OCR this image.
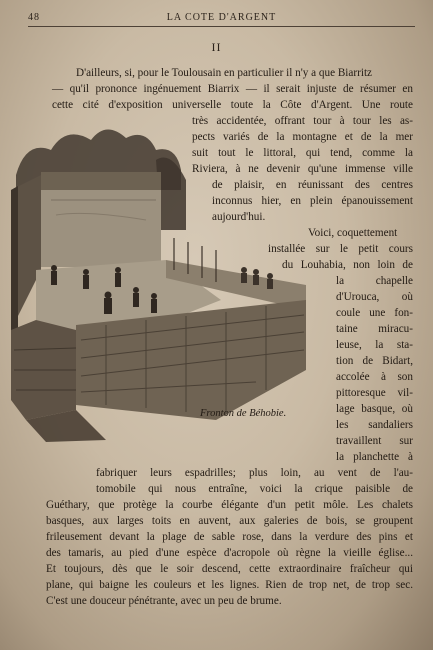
48	LA COTE D'ARGENT
II
Fronton de Béhobie.
D'ailleurs, si, pour le Toulousain en particulier il n'y a que Biarritz
— qu'il prononce ingénuement Biarrix — il serait injuste de résumer en
cette cité d'exposition universelle toute la Côte d'Argent. Une route
très accidentée, offrant tour à tour les as-
pects variés de la montagne et de la mer
suit tout le littoral, qui tend, comme la
Riviera, à ne devenir qu'une immense ville
de plaisir, en réunissant des centres
inconnus hier, en plein épanouissement
aujourd'hui.
Voici, coquettement
installée sur le petit cours
du Louhabia, non loin de
la chapelle
d'Urouca, où
coule une fon-
taine miracu-
leuse, la sta-
tion de Bidart,
accolée à son
pittoresque vil-
lage basque, où
les sandaliers
travaillent sur
la planchette à
fabriquer leurs espadrilles; plus loin, au vent de l'au-
tomobile qui nous entraîne, voici la crique paisible de
Guéthary, que protège la courbe élégante d'un petit môle. Les chalets
basques, aux larges toits en auvent, aux galeries de bois, se groupent
frileusement devant la plage de sable rose, dans la verdure des pins et
des tamaris, au pied d'une espèce d'acropole où règne la vieille église...
Et toujours, dès que le soir descend, cette extraordinaire fraîcheur qui
plane, qui baigne les couleurs et les lignes. Rien de trop net, de trop sec.
C'est une douceur pénétrante, avec un peu de brume.
